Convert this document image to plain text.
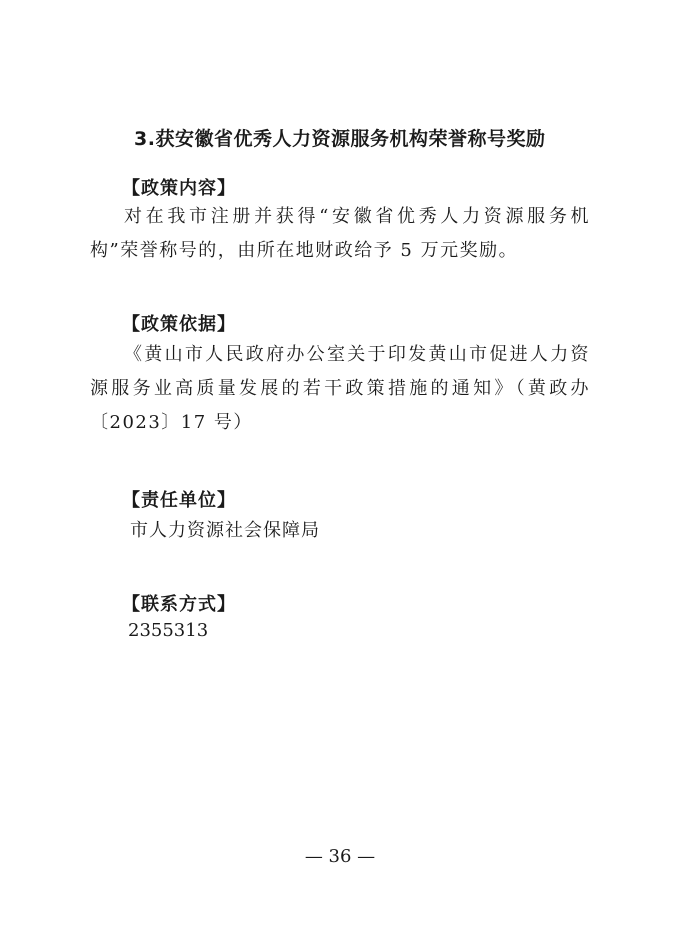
3.获安徽省优秀人力资源服务机构荣誉称号奖励
【政策内容】

对在我市注册并获得“安徽省优秀人力资源服务机构”荣誉称号的，由所在地财政给予 5 万元奖励。

【政策依据】

《黄山市人民政府办公室关于印发黄山市促进人力资源服务业高质量发展的若干政策措施的通知》（黄政办〔2023〕17 号）

【责任单位】
市人力资源社会保障局
【联系方式】
2355313
— 36 —
